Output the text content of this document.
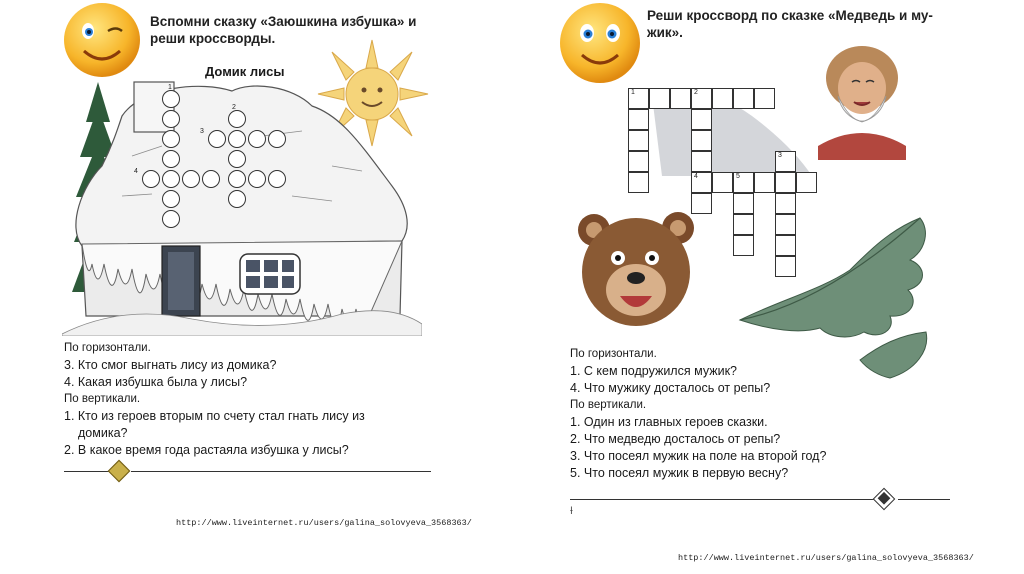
Вспомни сказку «Заюшкина избушка» и
реши кроссворды.
Домик лисы
1
2
3
4
По горизонтали.
3. Кто смог выгнать лису из домика?
4. Какая избушка была у лисы?
По вертикали.
1. Кто из героев вторым по счету стал гнать лису из
домика?
2. В какое время года растаяла избушка у лисы?
http://www.liveinternet.ru/users/galina_solovyeva_3568363/
Реши кроссворд по сказке «Медведь и му-
жик».
1	2
4	5
3
По горизонтали.
1. С кем подружился мужик?
4. Что мужику досталось от репы?
По вертикали.
1. Один из главных героев сказки.
2. Что медведю досталось от репы?
3. Что посеял мужик на поле на второй год?
5. Что посеял мужик в первую весну?
Ɨ
http://www.liveinternet.ru/users/galina_solovyeva_3568363/
